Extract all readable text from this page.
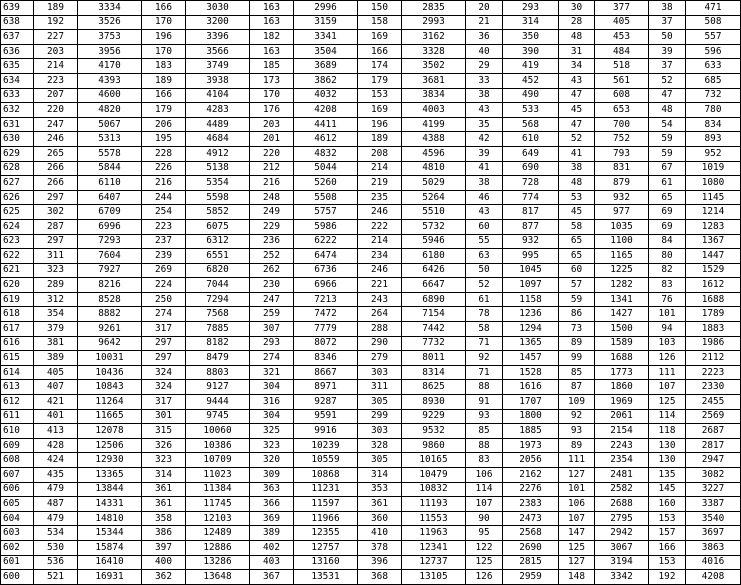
639	189	3334	166	3030	163	2996	150	2835	20	293	30	377	38	471
638	192	3526	170	3200	163	3159	158	2993	21	314	28	405	37	508
637	227	3753	196	3396	182	3341	169	3162	36	350	48	453	50	557
636	203	3956	170	3566	163	3504	166	3328	40	390	31	484	39	596
635	214	4170	183	3749	185	3689	174	3502	29	419	34	518	37	633
634	223	4393	189	3938	173	3862	179	3681	33	452	43	561	52	685
633	207	4600	166	4104	170	4032	153	3834	38	490	47	608	47	732
632	220	4820	179	4283	176	4208	169	4003	43	533	45	653	48	780
631	247	5067	206	4489	203	4411	196	4199	35	568	47	700	54	834
630	246	5313	195	4684	201	4612	189	4388	42	610	52	752	59	893
629	265	5578	228	4912	220	4832	208	4596	39	649	41	793	59	952
628	266	5844	226	5138	212	5044	214	4810	41	690	38	831	67	1019
627	266	6110	216	5354	216	5260	219	5029	38	728	48	879	61	1080
626	297	6407	244	5598	248	5508	235	5264	46	774	53	932	65	1145
625	302	6709	254	5852	249	5757	246	5510	43	817	45	977	69	1214
624	287	6996	223	6075	229	5986	222	5732	60	877	58	1035	69	1283
623	297	7293	237	6312	236	6222	214	5946	55	932	65	1100	84	1367
622	311	7604	239	6551	252	6474	234	6180	63	995	65	1165	80	1447
621	323	7927	269	6820	262	6736	246	6426	50	1045	60	1225	82	1529
620	289	8216	224	7044	230	6966	221	6647	52	1097	57	1282	83	1612
619	312	8528	250	7294	247	7213	243	6890	61	1158	59	1341	76	1688
618	354	8882	274	7568	259	7472	264	7154	78	1236	86	1427	101	1789
617	379	9261	317	7885	307	7779	288	7442	58	1294	73	1500	94	1883
616	381	9642	297	8182	293	8072	290	7732	71	1365	89	1589	103	1986
615	389	10031	297	8479	274	8346	279	8011	92	1457	99	1688	126	2112
614	405	10436	324	8803	321	8667	303	8314	71	1528	85	1773	111	2223
613	407	10843	324	9127	304	8971	311	8625	88	1616	87	1860	107	2330
612	421	11264	317	9444	316	9287	305	8930	91	1707	109	1969	125	2455
611	401	11665	301	9745	304	9591	299	9229	93	1800	92	2061	114	2569
610	413	12078	315	10060	325	9916	303	9532	85	1885	93	2154	118	2687
609	428	12506	326	10386	323	10239	328	9860	88	1973	89	2243	130	2817
608	424	12930	323	10709	320	10559	305	10165	83	2056	111	2354	130	2947
607	435	13365	314	11023	309	10868	314	10479	106	2162	127	2481	135	3082
606	479	13844	361	11384	363	11231	353	10832	114	2276	101	2582	145	3227
605	487	14331	361	11745	366	11597	361	11193	107	2383	106	2688	160	3387
604	479	14810	358	12103	369	11966	360	11553	90	2473	107	2795	153	3540
603	534	15344	386	12489	389	12355	410	11963	95	2568	147	2942	157	3697
602	530	15874	397	12886	402	12757	378	12341	122	2690	125	3067	166	3863
601	536	16410	400	13286	403	13160	396	12737	125	2815	127	3194	153	4016
600	521	16931	362	13648	367	13531	368	13105	126	2959	148	3342	192	4208
